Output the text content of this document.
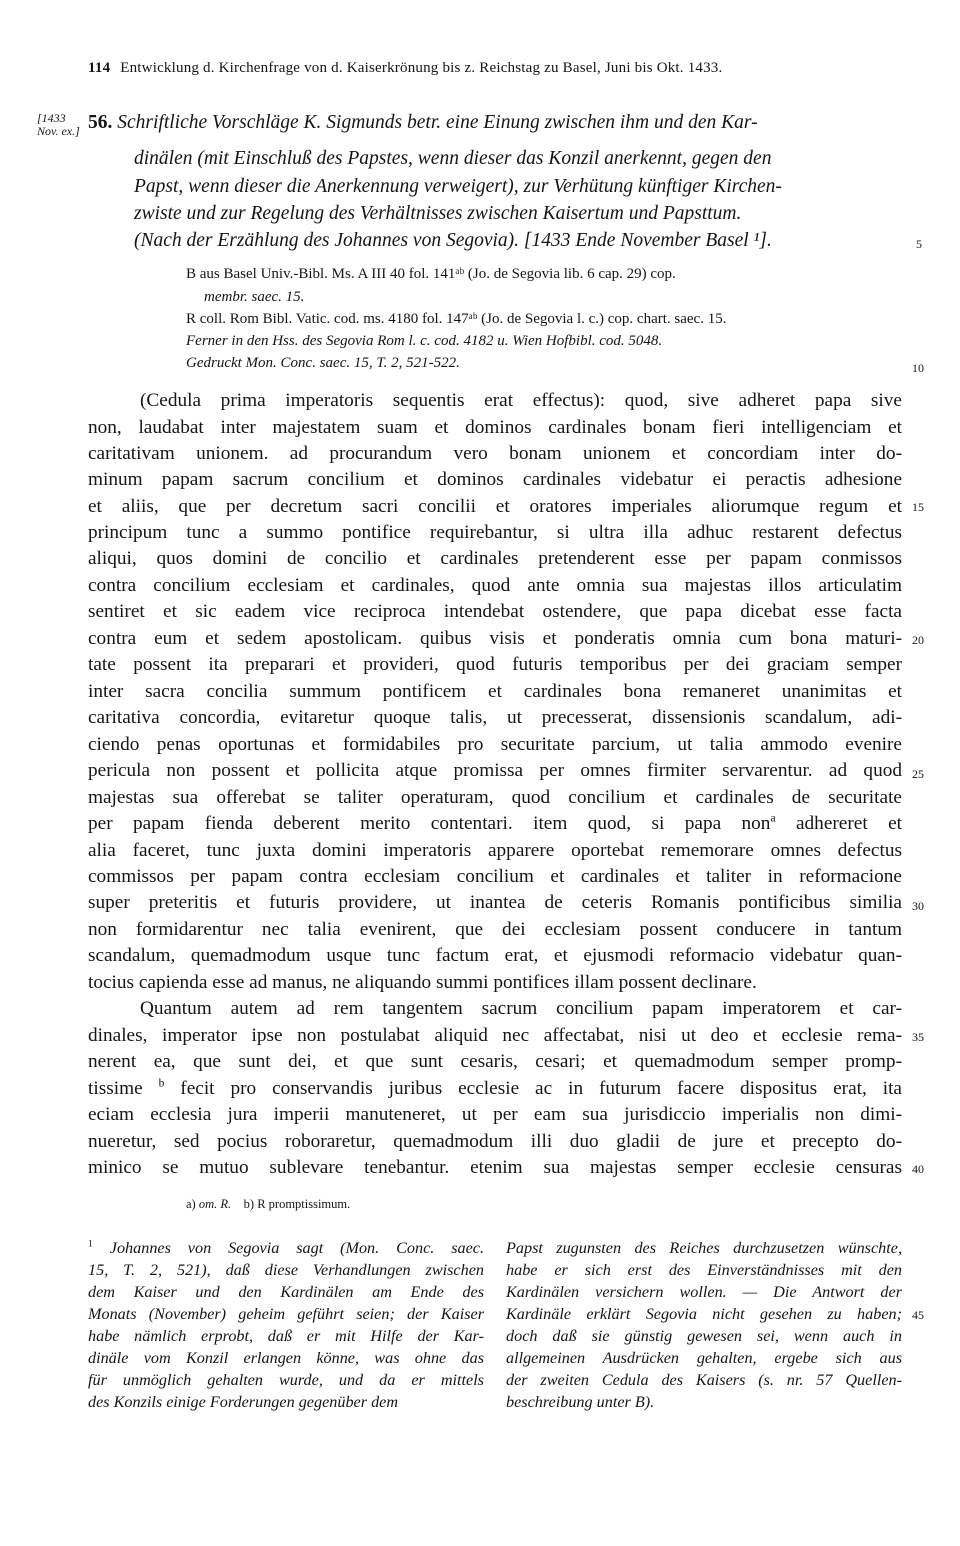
114 Entwicklung d. Kirchenfrage von d. Kaiserkrönung bis z. Reichstag zu Basel, Juni bis Okt. 1433.
[1433
Nov. ex.] 56. Schriftliche Vorschläge K. Sigmunds betr. eine Einung zwischen ihm und den Kar-
dinälen (mit Einschluß des Papstes, wenn dieser das Konzil anerkennt, gegen den
Papst, wenn dieser die Anerkennung verweigert), zur Verhütung künftiger Kirchen-
zwiste und zur Regelung des Verhältnisses zwischen Kaisertum und Papsttum.
(Nach der Erzählung des Johannes von Segovia). [1433 Ende November Basel ¹].
B aus Basel Univ.-Bibl. Ms. A III 40 fol. 141ᵃᵇ (Jo. de Segovia lib. 6 cap. 29) cop.
membr. saec. 15.
R coll. Rom Bibl. Vatic. cod. ms. 4180 fol. 147ᵃᵇ (Jo. de Segovia l. c.) cop. chart. saec. 15.
Ferner in den Hss. des Segovia Rom l. c. cod. 4182 u. Wien Hofbibl. cod. 5048.
Gedruckt Mon. Conc. saec. 15, T. 2, 521-522.
5
10
15
20
25
30
35
40
45
(Cedula prima imperatoris sequentis erat effectus): quod, sive adheret papa sive
non, laudabat inter majestatem suam et dominos cardinales bonam fieri intelligenciam et
caritativam unionem. ad procurandum vero bonam unionem et concordiam inter do-
minum papam sacrum concilium et dominos cardinales videbatur ei peractis adhesione
et aliis, que per decretum sacri concilii et oratores imperiales aliorumque regum et
principum tunc a summo pontifice requirebantur, si ultra illa adhuc restarent defectus
aliqui, quos domini de concilio et cardinales pretenderent esse per papam conmissos
contra concilium ecclesiam et cardinales, quod ante omnia sua majestas illos articulatim
sentiret et sic eadem vice reciproca intendebat ostendere, que papa dicebat esse facta
contra eum et sedem apostolicam. quibus visis et ponderatis omnia cum bona maturi-
tate possent ita preparari et provideri, quod futuris temporibus per dei graciam semper
inter sacra concilia summum pontificem et cardinales bona remaneret unanimitas et
caritativa concordia, evitaretur quoque talis, ut precesserat, dissensionis scandalum, adi-
ciendo penas oportunas et formidabiles pro securitate parcium, ut talia ammodo evenire
pericula non possent et pollicita atque promissa per omnes firmiter servarentur. ad quod
majestas sua offerebat se taliter operaturam, quod concilium et cardinales de securitate
per papam fienda deberent merito contentari. item quod, si papa non$^a$ adhereret et
alia faceret, tunc juxta domini imperatoris apparere oportebat rememorare omnes defectus
commissos per papam contra ecclesiam concilium et cardinales et taliter in reformacione
super preteritis et futuris providere, ut inantea de ceteris Romanis pontificibus similia
non formidarentur nec talia evenirent, que dei ecclesiam possent conducere in tantum
scandalum, quemadmodum usque tunc factum erat, et ejusmodi reformacio videbatur quan-
tocius capienda esse ad manus, ne aliquando summi pontifices illam possent declinare.
Quantum autem ad rem tangentem sacrum concilium papam imperatorem et car-
dinales, imperator ipse non postulabat aliquid nec affectabat, nisi ut deo et ecclesie rema-
nerent ea, que sunt dei, et que sunt cesaris, cesari; et quemadmodum semper promp-
tissime $^b$ fecit pro conservandis juribus ecclesie ac in futurum facere dispositus erat, ita
eciam ecclesia jura imperii manuteneret, ut per eam sua jurisdiccio imperialis non dimi-
nueretur, sed pocius roboraretur, quemadmodum illi duo gladii de jure et precepto do-
minico se mutuo sublevare tenebantur. etenim sua majestas semper ecclesie censuras
a) om. R. b) R promptissimum.
$^1$ Johannes von Segovia sagt (Mon. Conc. saec.
15, T. 2, 521), daß diese Verhandlungen zwischen
dem Kaiser und den Kardinälen am Ende des
Monats (November) geheim geführt seien; der Kaiser
habe nämlich erprobt, daß er mit Hilfe der Kar-
dinäle vom Konzil erlangen könne, was ohne das
für unmöglich gehalten wurde, und da er mittels
des Konzils einige Forderungen gegenüber dem
Papst zugunsten des Reiches durchzusetzen wünschte,
habe er sich erst des Einverständnisses mit den
Kardinälen versichern wollen. — Die Antwort der
Kardinäle erklärt Segovia nicht gesehen zu haben;
doch daß sie günstig gewesen sei, wenn auch in
allgemeinen Ausdrücken gehalten, ergebe sich aus
der zweiten Cedula des Kaisers (s. nr. 57 Quellen-
beschreibung unter B).
